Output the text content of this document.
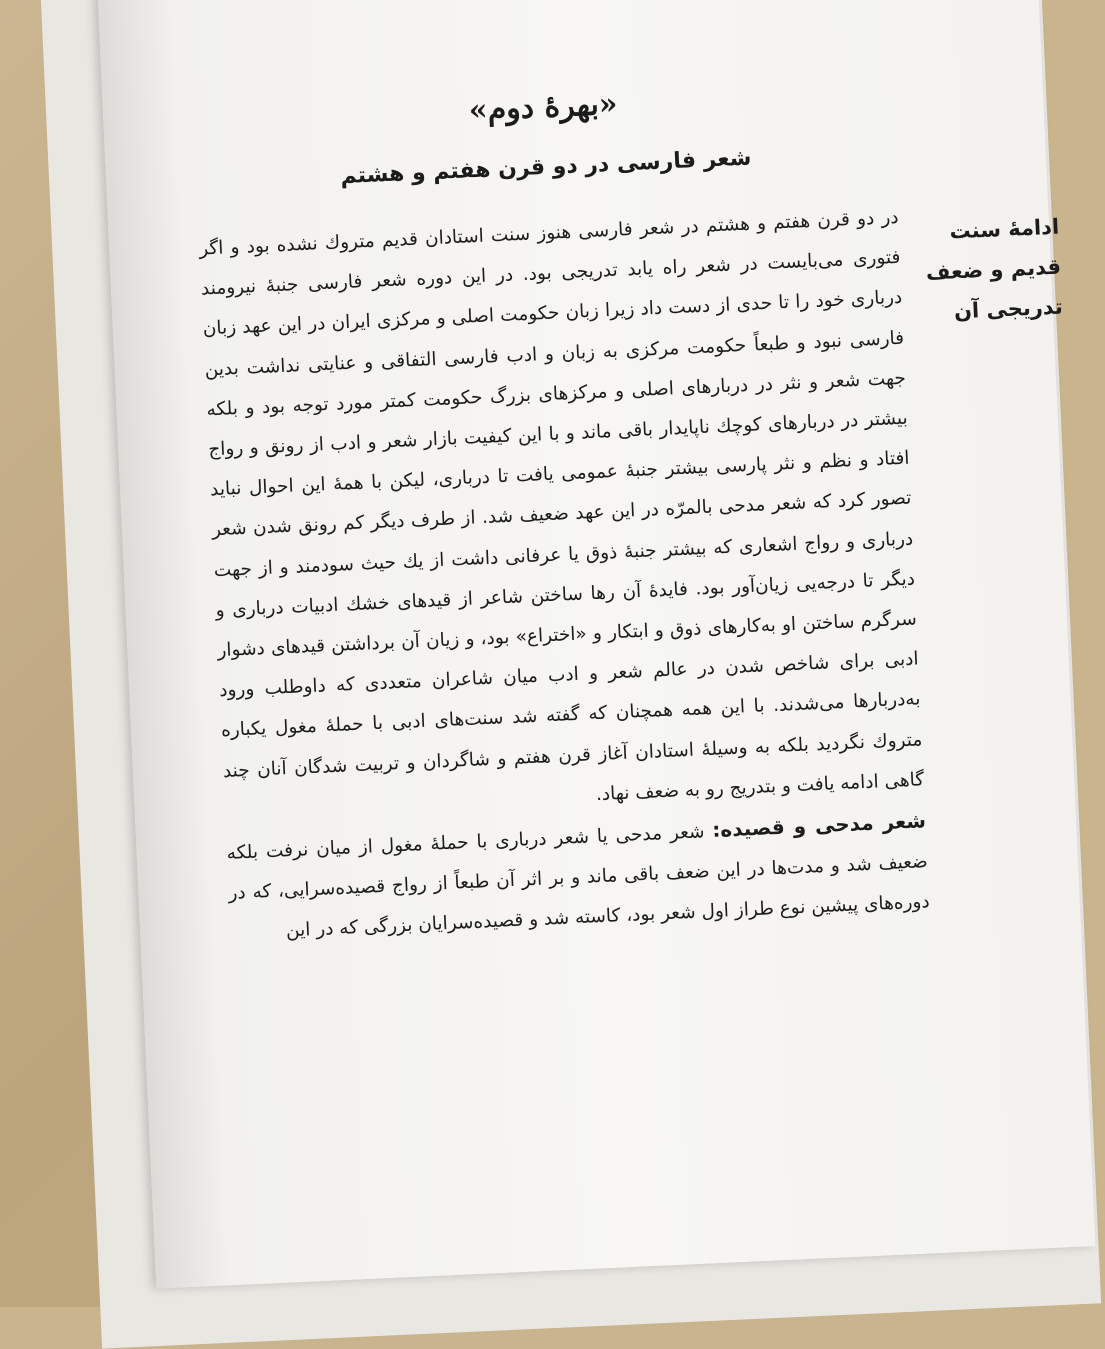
«بهرهٔ دوم»
شعر فارسی در دو قرن هفتم و هشتم
ادامهٔ سنت قدیم و ضعف تدریجی آن

در دو قرن هفتم و هشتم در شعر فارسی هنوز سنت استادان قدیم متروك نشده بود و اگر فتوری می‌بایست در شعر راه یابد تدریجی بود. در این دوره شعر فارسی جنبهٔ نیرومند درباری خود را تا حدی از دست داد زیرا زبان حکومت اصلی و مرکزی ایران در این عهد زبان فارسی نبود و طبعاً حکومت مرکزی به زبان و ادب فارسی التفاقی و عنایتی نداشت بدین جهت شعر و نثر در دربارهای اصلی و مرکزهای بزرگ حکومت کمتر مورد توجه بود و بلکه بیشتر در دربارهای کوچك ناپایدار باقی ماند و با این کیفیت بازار شعر و ادب از رونق و رواج افتاد و نظم و نثر پارسی بیشتر جنبهٔ عمومی یافت تا درباری، لیکن با همهٔ این احوال نباید تصور کرد که شعر مدحی بالمرّه در این عهد ضعیف شد. از طرف دیگر کم رونق شدن شعر درباری و رواج اشعاری که بیشتر جنبهٔ ذوق یا عرفانی داشت از یك حیث سودمند و از جهت دیگر تا درجه‌یی زیان‌آور بود. فایدهٔ آن رها ساختن شاعر از قیدهای خشك ادبیات درباری و سرگرم ساختن او به‌کارهای ذوق و ابتکار و «اختراع» بود، و زیان آن برداشتن قیدهای دشوار ادبی برای شاخص شدن در عالم شعر و ادب میان شاعران متعددی که داوطلب ورود به‌دربارها می‌شدند. با این همه همچنان که گفته شد سنت‌های ادبی با حملهٔ مغول یکباره متروك نگردید بلکه به وسیلهٔ استادان آغاز قرن هفتم و شاگردان و تربیت شدگان آنان چند گاهی ادامه یافت و بتدریج رو به ضعف نهاد.

شعر مدحی و قصیده: شعر مدحی یا شعر درباری با حملهٔ مغول از میان نرفت بلکه ضعیف شد و مدت‌ها در این ضعف باقی ماند و بر اثر آن طبعاً از رواج قصیده‌سرایی، که در دوره‌های پیشین نوع طراز اول شعر بود، کاسته شد و قصیده‌سرایان بزرگی که در این
